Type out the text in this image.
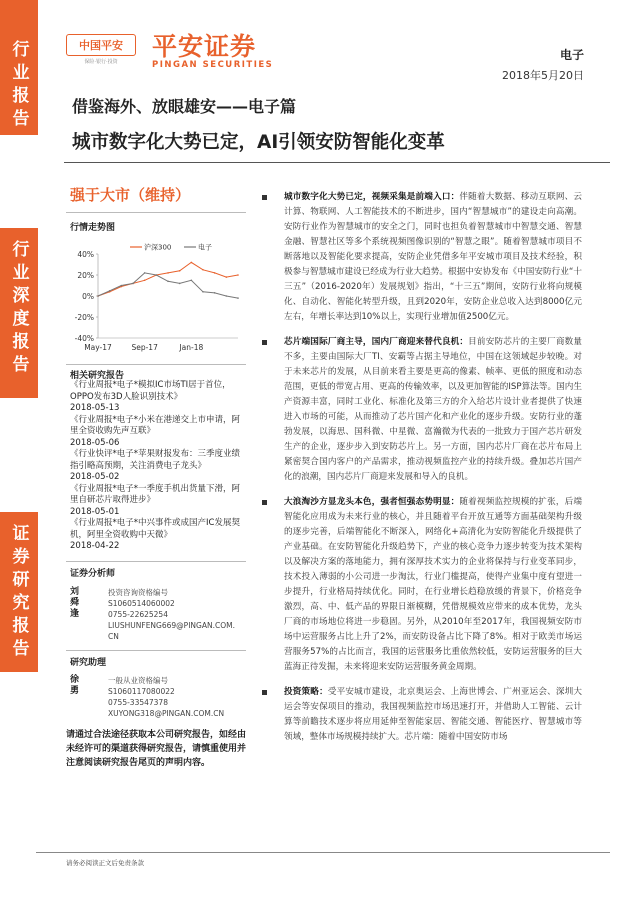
行业报告
行业深度报告
证券研究报告
中国平安
保险·银行·投资
平安证券
PINGAN SECURITIES
电子
2018年5月20日
借鉴海外、放眼雄安——电子篇
城市数字化大势已定，AI引领安防智能化变革
强于大市（维持）
行情走势图
40%
20%
0%
-20%
-40%
May-17	Sep-17	Jan-18
沪深300	电子
相关研究报告
《行业周报*电子*模拟IC市场TI居于首位，OPPO发布3D人脸识别技术》
2018-05-13
《行业周报*电子*小米在港递交上市申请，阿里全资收购先声互联》
2018-05-06
《行业快评*电子*苹果财报发布：三季度业绩指引略高预期，关注消费电子龙头》
2018-05-02
《行业周报*电子*一季度手机出货量下滑，阿里自研芯片取得进步》
2018-05-01
《行业周报*电子*中兴事件或成国产IC发展契机，阿里全资收购中天微》
2018-04-22
证券分析师
刘舜逢
投资咨询资格编号
S1060514060002
0755-22625254
LIUSHUNFENG669@PINGAN.COM.
CN
研究助理
徐勇
一般从业资格编号
S1060117080022
0755-33547378
XUYONG318@PINGAN.COM.CN
请通过合法途径获取本公司研究报告，如经由未经许可的渠道获得研究报告，请慎重使用并注意阅读研究报告尾页的声明内容。
城市数字化大势已定，视频采集是前端入口：伴随着大数据、移动互联网、云计算、物联网、人工智能技术的不断进步，国内“智慧城市”的建设走向高潮。安防行业作为智慧城市的安全之门，同时也担负着智慧城市中智慧交通、智慧金融、智慧社区等多个系统视频图像识别的“智慧之眼”。随着智慧城市项目不断落地以及智能化要求提高，安防企业凭借多年平安城市项目及技术经验，积极参与智慧城市建设已经成为行业大趋势。根据中安协发布《中国安防行业“十三五”（2016-2020年）发展规划》指出，“十三五”期间，安防行业将向规模化、自动化、智能化转型升级，且到2020年，安防企业总收入达到8000亿元左右，年增长率达到10%以上，实现行业增加值2500亿元。
芯片端国际厂商主导，国内厂商迎来替代良机：目前安防芯片的主要厂商数量不多，主要由国际大厂TI、安霸等占据主导地位，中国在这领域起步较晚。对于未来芯片的发展，从目前来看主要是更高的像素、帧率、更低的照度和动态范围，更低的带宽占用、更高的传输效率，以及更加智能的ISP算法等。国内生产资源丰富，同时工业化、标准化及第三方的介入给芯片设计业者提供了快速进入市场的可能，从而推动了芯片国产化和产业化的逐步升级。安防行业的蓬勃发展，以海思、国科微、中星微、富瀚微为代表的一批致力于国产芯片研发生产的企业，逐步步入到安防芯片上。另一方面，国内芯片厂商在芯片布局上紧密契合国内客户的产品需求，推动视频监控产业的持续升级。叠加芯片国产化的浪潮，国内芯片厂商迎来发展和导入的良机。
大浪淘沙方显龙头本色，强者恒强态势明显：随着视频监控规模的扩张，后端智能化应用成为未来行业的核心，并且随着平台开放互通等方面基础架构升级的逐步完善，后端智能化不断深入，网络化+高清化为安防智能化升级提供了产业基础。在安防智能化升级趋势下，产业的核心竞争力逐步转变为技术架构以及解决方案的落地能力，拥有深厚技术实力的企业将保持与行业变革同步，技术投入薄弱的小公司进一步淘汰，行业门槛提高，使得产业集中度有望进一步提升，行业格局持续优化。同时，在行业增长趋稳放缓的背景下，价格竞争激烈，高、中、低产品的界限日渐模糊，凭借规模效应带来的成本优势，龙头厂商的市场地位将进一步稳固。另外，从2010年至2017年，我国视频安防市场中运营服务占比上升了2%，而安防设备占比下降了8%。相对于欧美市场运营服务57%的占比而言，我国的运营服务比重依然较低，安防运营服务的巨大蓝海正待发掘，未来将迎来安防运营服务黄金周期。
投资策略：受平安城市建设，北京奥运会、上海世博会、广州亚运会、深圳大运会等安保项目的推动，我国视频监控市场迅速打开，并借助人工智能、云计算等前瞻技术逐步将应用延伸至智能家居、智能交通、智能医疗、智慧城市等领域，整体市场规模持续扩大。芯片端：随着中国安防市场
请务必阅读正文后免责条款
